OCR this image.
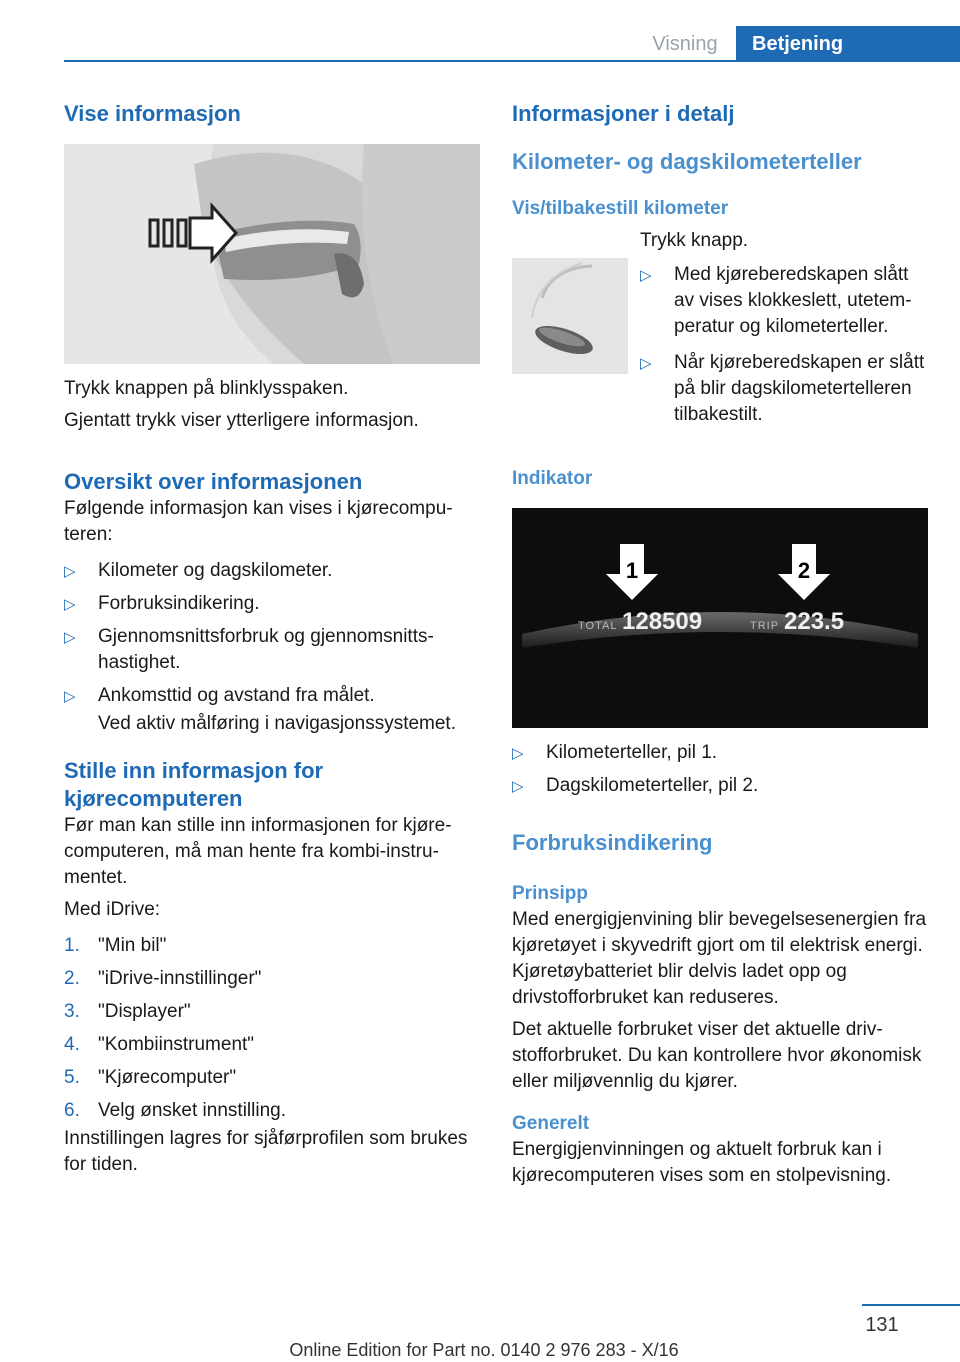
Visning	Betjening
Vise informasjon

Trykk knappen på blinklysspaken.

Gjentatt trykk viser ytterligere informasjon.

Oversikt over informasjonen

Følgende informasjon kan vises i kjørecomputeren:

▷ Kilometer og dagskilometer.
▷ Forbruksindikering.
▷ Gjennomsnittsforbruk og gjennomsnittshastighet.
▷ Ankomsttid og avstand fra målet.

Ved aktiv målføring i navigasjonssystemet.

Stille inn informasjon for kjørecomputeren

Før man kan stille inn informasjonen for kjørecomputeren, må man hente fra kombi-instrumentet.

Med iDrive:

1. "Min bil"
2. "iDrive-innstillinger"
3. "Displayer"
4. "Kombiinstrument"
5. "Kjørecomputer"
6. Velg ønsket innstilling.

Innstillingen lagres for sjåførprofilen som brukes for tiden.

Informasjoner i detalj
Kilometer- og dagskilometerteller
Vis/tilbakestill kilometer

Trykk knapp.

▷ Med kjøreberedskapen slått av vises klokkeslett, utetemperatur og kilometerteller.
▷ Når kjøreberedskapen er slått på blir dagskilometertelleren tilbakestilt.
Indikator
1	2
TOTAL 128509	TRIP 223.5
▷ Kilometerteller, pil 1.
▷ Dagskilometerteller, pil 2.
Forbruksindikering
Prinsipp

Med energigjenvining blir bevegelsesenergien fra kjøretøyet i skyvedrift gjort om til elektrisk energi. Kjøretøybatteriet blir delvis ladet opp og drivstofforbruket kan reduseres.

Det aktuelle forbruket viser det aktuelle drivstofforbruket. Du kan kontrollere hvor økonomisk eller miljøvennlig du kjører.

Generelt

Energigjenvinningen og aktuelt forbruk kan i kjørecomputeren vises som en stolpevisning.

131
Online Edition for Part no. 0140 2 976 283 - X/16
